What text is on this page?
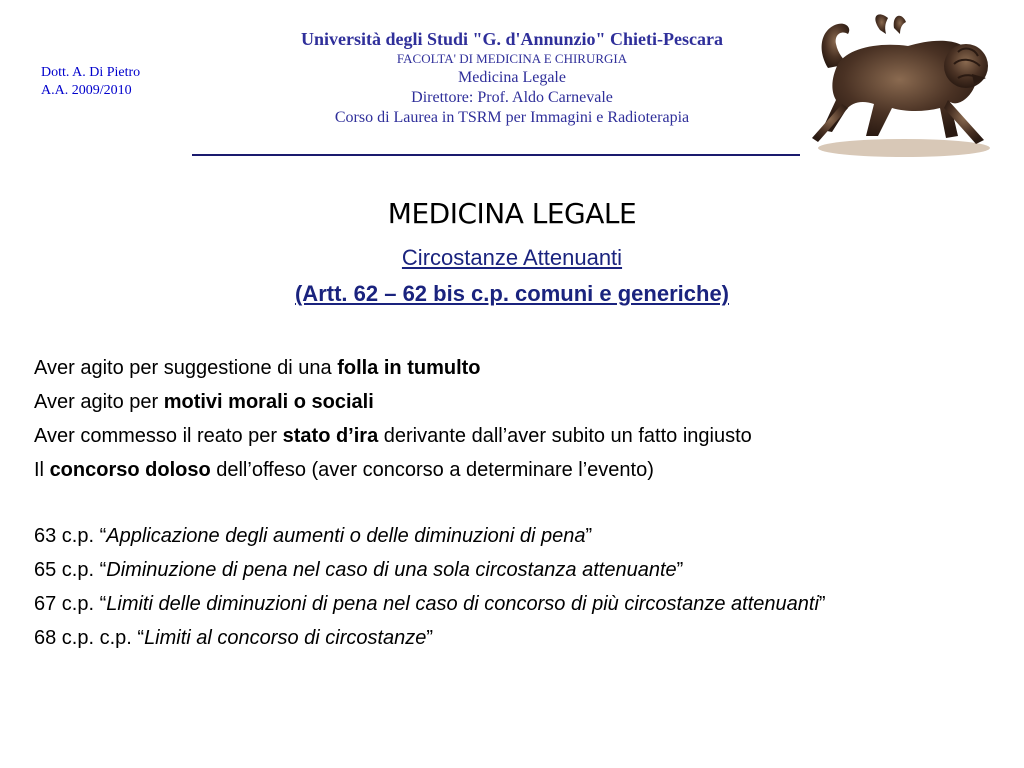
Dott. A. Di Pietro
A.A. 2009/2010
Università degli Studi "G. d'Annunzio" Chieti-Pescara
FACOLTA' DI MEDICINA E CHIRURGIA
Medicina Legale
Direttore: Prof. Aldo Carnevale
Corso di Laurea in TSRM per Immagini e Radioterapia
MEDICINA LEGALE
Circostanze Attenuanti
(Artt. 62 – 62 bis c.p. comuni e generiche)
Aver agito per suggestione di una folla in tumulto
Aver agito per motivi morali o sociali
Aver commesso il reato per stato d’ira derivante dall’aver subito un fatto ingiusto
Il concorso doloso dell’offeso (aver concorso a determinare l’evento)
63 c.p. “Applicazione degli aumenti o delle diminuzioni di pena”
65 c.p. “Diminuzione di pena nel caso di una sola circostanza attenuante”
67 c.p. “Limiti delle diminuzioni di pena nel caso di concorso di più circostanze attenuanti”
68 c.p. c.p. “Limiti al concorso di circostanze”
